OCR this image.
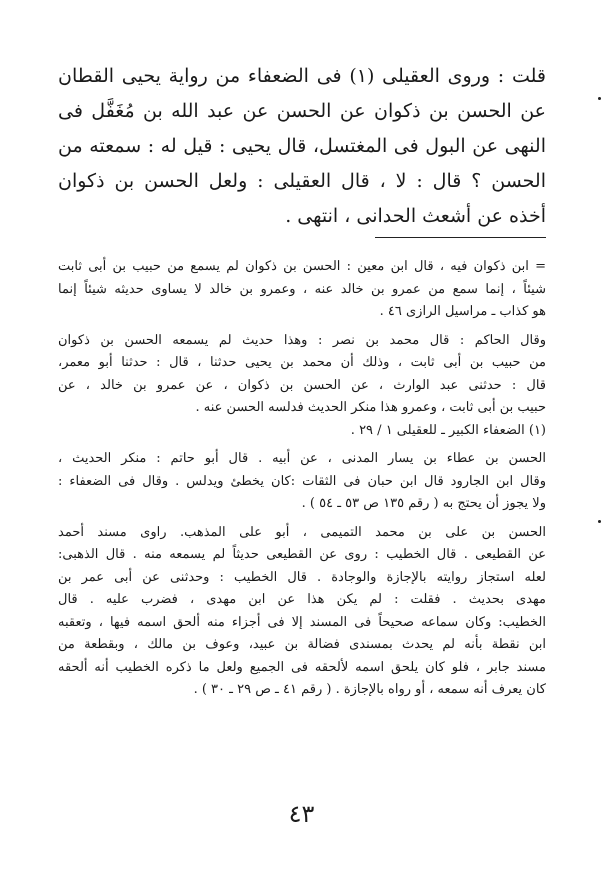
قلت : وروى العقيلى (١) فى الضعفاء من رواية يحيى القطان
عن الحسن بن ذكوان عن الحسن عن عبد الله بن مُغَفَّل فى
النهى عن البول فى المغتسل، قال يحيى : قيل له : سمعته من
الحسن ؟ قال : لا ، قال العقيلى : ولعل الحسن بن ذكوان
أخذه عن أشعث الحدانى ، انتهى .
= ابن ذكوان فيه ، قال ابن معين : الحسن بن ذكوان لم يسمع من حبيب بن أبى ثابت
شيئاً ، إنما سمع من عمرو بن خالد عنه ، وعمرو بن خالد لا يساوى حديثه شيئاً إنما
هو كذاب ـ مراسيل الرازى ٤٦ .
وقال الحاكم : قال محمد بن نصر : وهذا حديث لم يسمعه الحسن بن ذكوان
من حبيب بن أبى ثابت ، وذلك أن محمد بن يحيى حدثنا ، قال : حدثنا أبو معمر،
قال : حدثنى عبد الوارث ، عن الحسن بن ذكوان ، عن عمرو بن خالد ، عن
حبيب بن أبى ثابت ، وعمرو هذا منكر الحديث فدلسه الحسن عنه .
(١) الضعفاء الكبير ـ للعقيلى ١ / ٢٩ .
الحسن بن عطاء بن يسار المدنى ، عن أبيه . قال أبو حاتم : منكر الحديث ،
وقال ابن الجارود قال ابن حبان فى الثقات :كان يخطئ ويدلس . وقال فى الضعفاء :
ولا يجوز أن يحتج به ( رقم ١٣٥ ص ٥٣ ـ ٥٤ ) .
الحسن بن على بن محمد التميمى ، أبو على المذهب. راوى مسند أحمد
عن القطيعى . قال الخطيب : روى عن القطيعى حديثاً لم يسمعه منه . قال الذهبى:
لعله استجاز روايته بالإجازة والوجادة . قال الخطيب : وحدثنى عن أبى عمر بن
مهدى بحديث . فقلت : لم يكن هذا عن ابن مهدى ، فضرب عليه . قال
الخطيب: وكان سماعه صحيحاً فى المسند إلا فى أجزاء منه ألحق اسمه فيها ، وتعقبه
ابن نقطة بأنه لم يحدث بمسندى فضالة بن عبيد، وعوف بن مالك ، وبقطعة من
مسند جابر ، فلو كان يلحق اسمه لألحقه فى الجميع ولعل ما ذكره الخطيب أنه ألحقه
كان يعرف أنه سمعه ، أو رواه بالإجازة . ( رقم ٤١ ـ ص ٢٩ ـ ٣٠ ) .
٤٣
